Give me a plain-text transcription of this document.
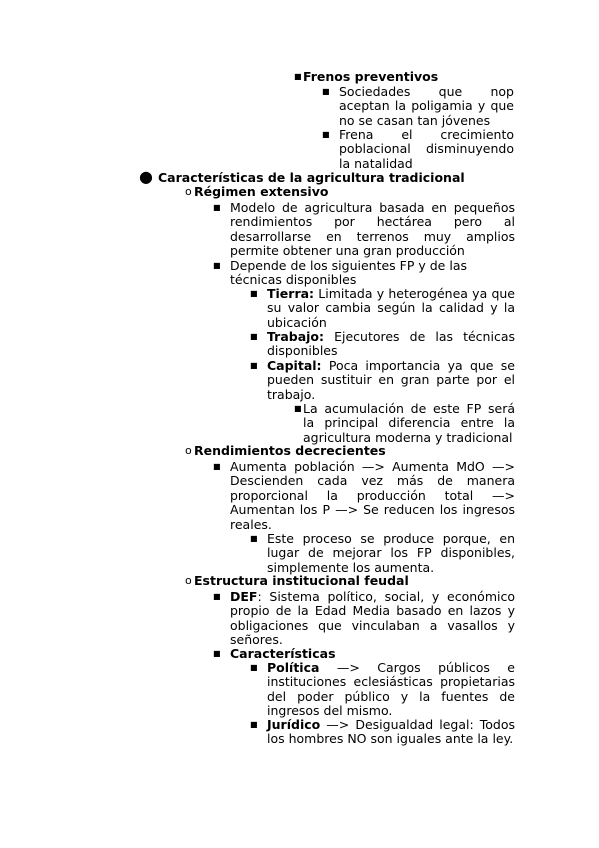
■ Frenos preventivos
■ Sociedades que nop aceptan la poligamia y que no se casan tan jóvenes
■ Frena el crecimiento poblacional disminuyendo la natalidad
● Características de la agricultura tradicional
o Régimen extensivo
■ Modelo de agricultura basada en pequeños rendimientos por hectárea pero al desarrollarse en terrenos muy amplios permite obtener una gran producción
■ Depende de los siguientes FP y de las técnicas disponibles
■ Tierra: Limitada y heterogénea ya que su valor cambia según la calidad y la ubicación
■ Trabajo: Ejecutores de las técnicas disponibles
■ Capital: Poca importancia ya que se pueden sustituir en gran parte por el trabajo.
■ La acumulación de este FP será la principal diferencia entre la agricultura moderna y tradicional
o Rendimientos decrecientes
■ Aumenta población —> Aumenta MdO —> Descienden cada vez más de manera proporcional la producción total —> Aumentan los P —> Se reducen los ingresos reales.
■ Este proceso se produce porque, en lugar de mejorar los FP disponibles, simplemente los aumenta.
o Estructura institucional feudal
■ DEF: Sistema político, social, y económico propio de la Edad Media basado en lazos y obligaciones que vinculaban a vasallos y señores.
■ Características
■ Política —> Cargos públicos e instituciones eclesiásticas propietarias del poder público y la fuentes de ingresos del mismo.
■ Jurídico —> Desigualdad legal: Todos los hombres NO son iguales ante la ley.
